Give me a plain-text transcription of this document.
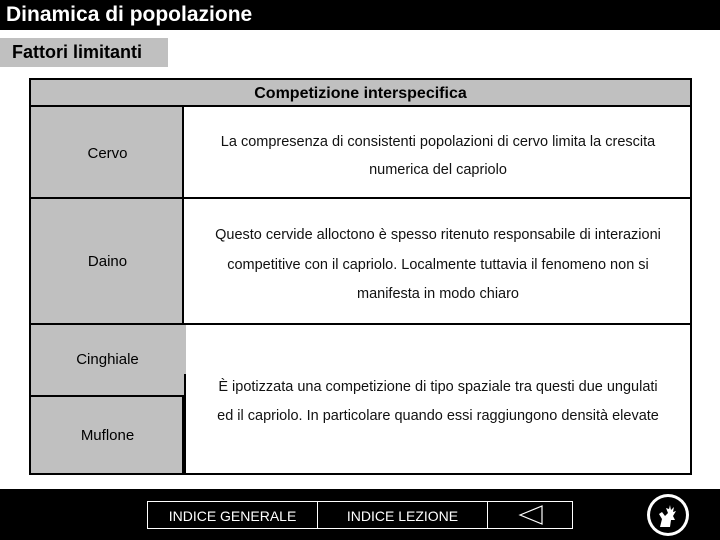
Dinamica di popolazione
Fattori limitanti
Competizione interspecifica
Cervo
Daino
Cinghiale
Muflone
La compresenza di consistenti popolazioni di cervo limita la crescita
numerica del capriolo
Questo cervide alloctono è spesso ritenuto responsabile di interazioni
competitive con il capriolo. Localmente tuttavia il fenomeno non si
manifesta in modo chiaro
È ipotizzata una competizione di tipo spaziale tra questi due ungulati
ed il capriolo. In particolare quando essi raggiungono densità elevate
INDICE GENERALE	INDICE LEZIONE
